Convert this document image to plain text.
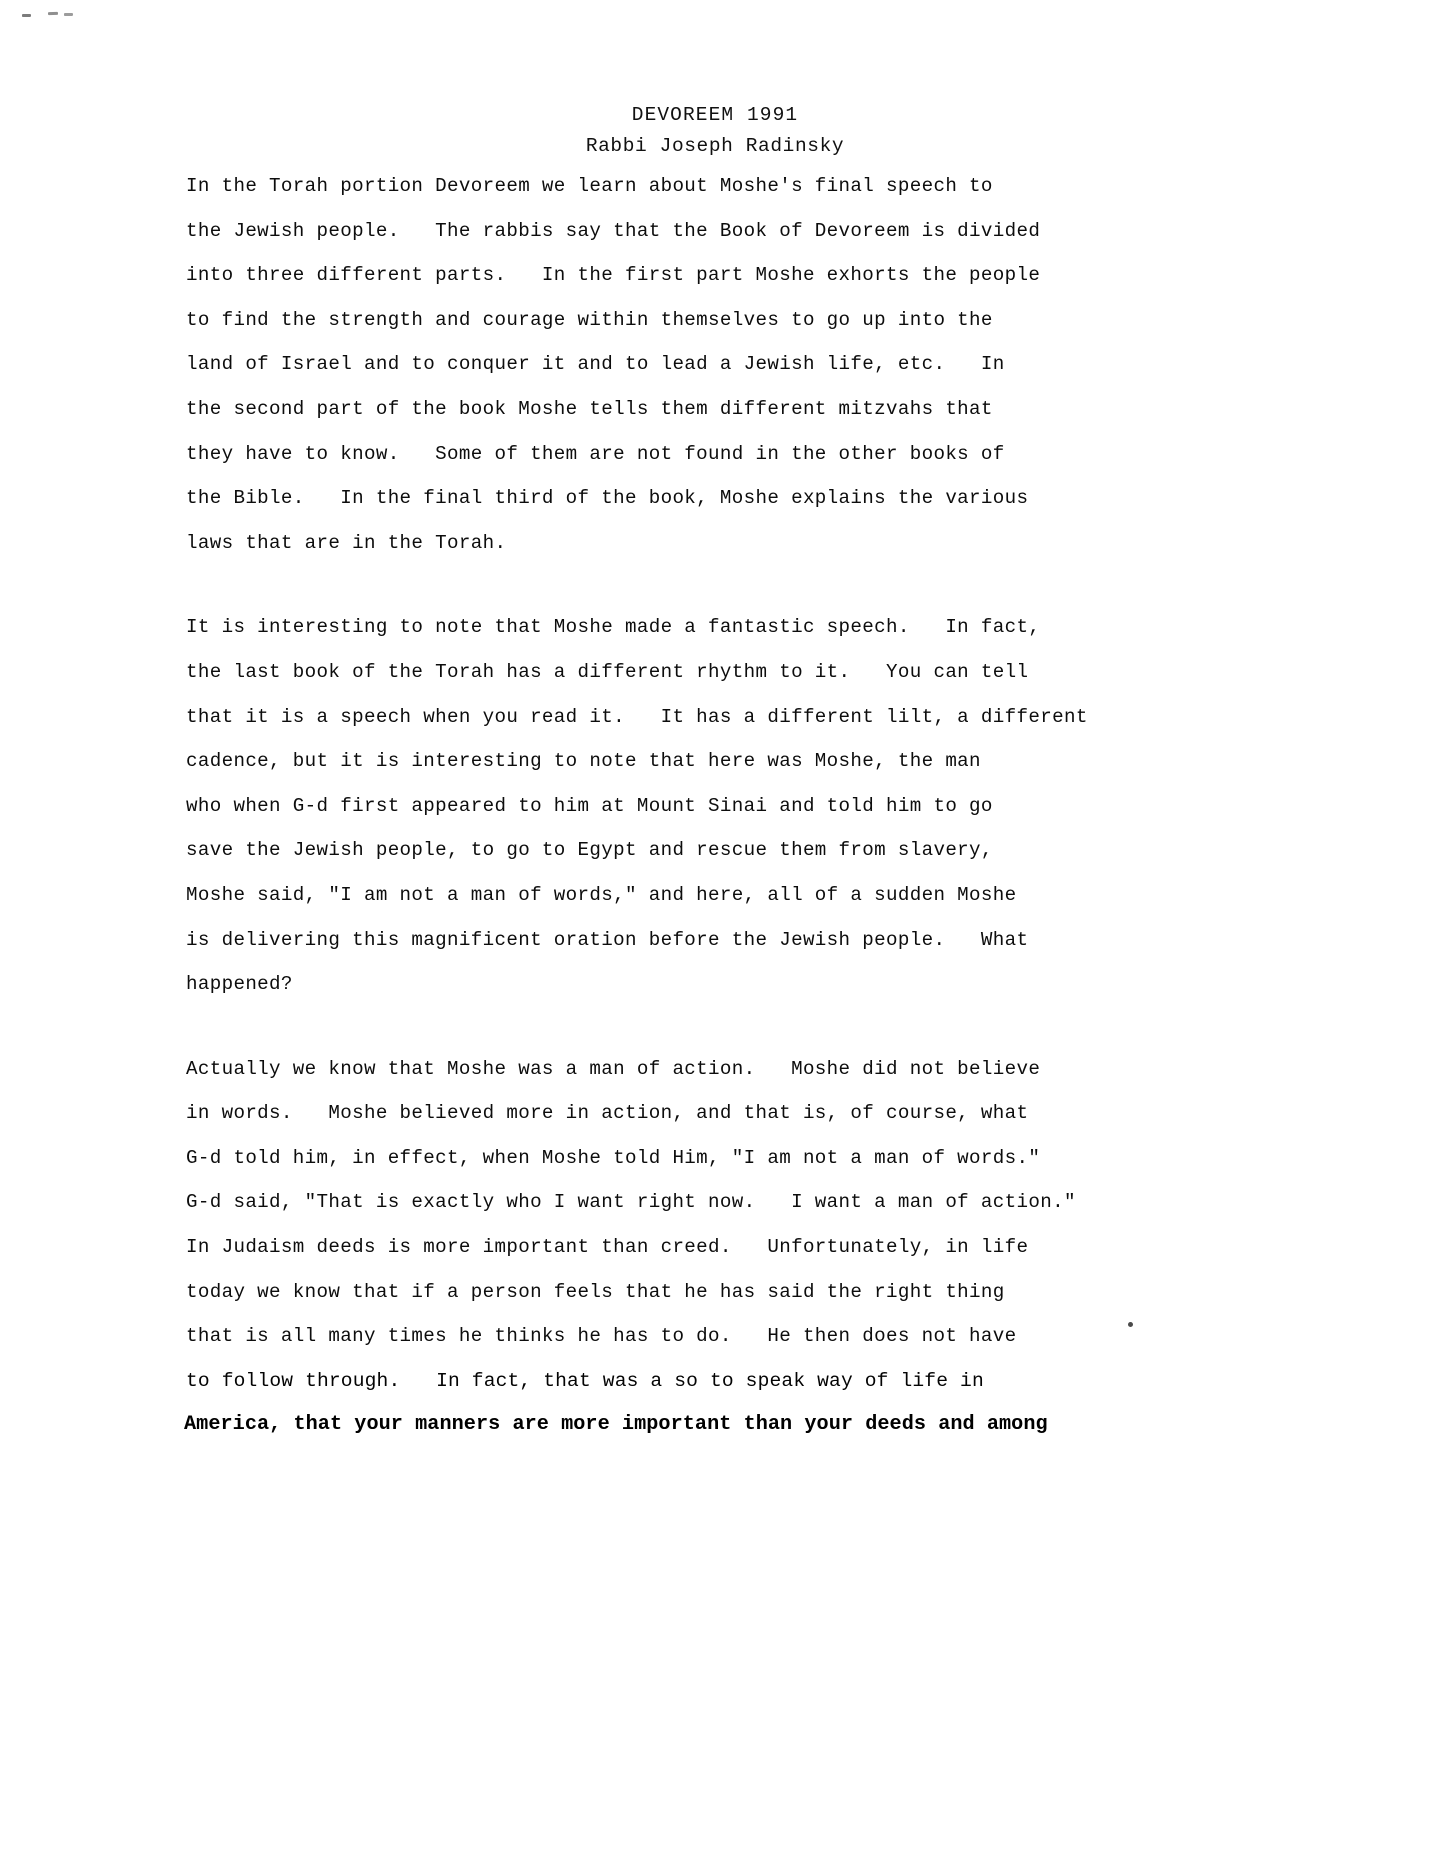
DEVOREEM 1991
Rabbi Joseph Radinsky

In the Torah portion Devoreem we learn about Moshe's final speech to
the Jewish people.   The rabbis say that the Book of Devoreem is divided
into three different parts.   In the first part Moshe exhorts the people
to find the strength and courage within themselves to go up into the
land of Israel and to conquer it and to lead a Jewish life, etc.   In
the second part of the book Moshe tells them different mitzvahs that
they have to know.   Some of them are not found in the other books of
the Bible.   In the final third of the book, Moshe explains the various
laws that are in the Torah.

It is interesting to note that Moshe made a fantastic speech.   In fact,
the last book of the Torah has a different rhythm to it.   You can tell
that it is a speech when you read it.   It has a different lilt, a different
cadence, but it is interesting to note that here was Moshe, the man
who when G-d first appeared to him at Mount Sinai and told him to go
save the Jewish people, to go to Egypt and rescue them from slavery,
Moshe said, "I am not a man of words," and here, all of a sudden Moshe
is delivering this magnificent oration before the Jewish people.   What
happened?

Actually we know that Moshe was a man of action.   Moshe did not believe
in words.   Moshe believed more in action, and that is, of course, what
G-d told him, in effect, when Moshe told Him, "I am not a man of words."
G-d said, "That is exactly who I want right now.   I want a man of action."
In Judaism deeds is more important than creed.   Unfortunately, in life
today we know that if a person feels that he has said the right thing
that is all many times he thinks he has to do.   He then does not have
to follow through.   In fact, that was a so to speak way of life in
America, that your manners are more important than your deeds and among
